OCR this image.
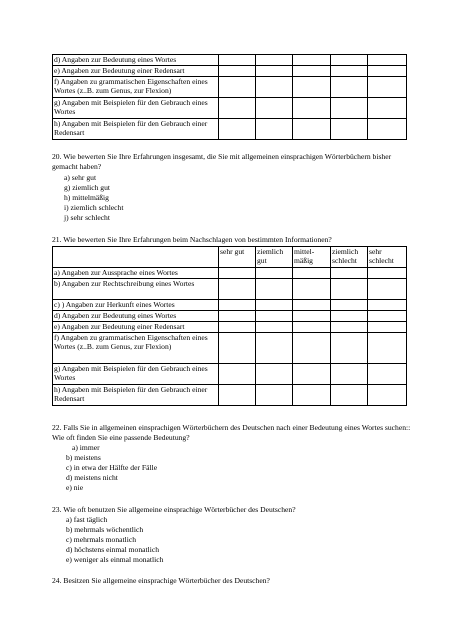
d) Angaben zur Bedeutung eines Wortes					
e) Angaben zur Bedeutung einer Redensart					
f) Angaben zu grammatischen Eigenschaften eines Wortes (z..B. zum Genus, zur Flexion)					
g) Angaben mit Beispielen für den Gebrauch eines Wortes					
h) Angaben mit Beispielen für den Gebrauch einer Redensart					
20. Wie bewerten Sie Ihre Erfahrungen insgesamt, die Sie mit allgemeinen einsprachigen Wörterbüchern bisher gemacht haben?
a) sehr gut
g) ziemlich gut
h) mittelmäßig
i) ziemlich schlecht
j) sehr schlecht
21. Wie bewerten Sie Ihre Erfahrungen beim Nachschlagen von bestimmten Informationen?
	sehr gut	ziemlich gut	mittel-mäßig	ziemlich schlecht	sehr schlecht
a) Angaben zur Aussprache eines Wortes					
b) Angaben zur Rechtschreibung eines Wortes					
c) ) Angaben zur Herkunft eines Wortes					
d) Angaben zur Bedeutung eines Wortes					
e) Angaben zur Bedeutung einer Redensart					
f) Angaben zu grammatischen Eigenschaften eines Wortes (z..B. zum Genus, zur Flexion)					
g) Angaben mit Beispielen für den Gebrauch eines Wortes					
h) Angaben mit Beispielen für den Gebrauch einer Redensart					
22. Falls Sie in allgemeinen einsprachigen Wörterbüchern des Deutschen nach einer Bedeutung eines Wortes suchen:: Wie oft finden Sie eine passende Bedeutung?
a) immer
b) meistens
c) in etwa der Hälfte der Fälle
d) meistens nicht
e) nie
23. Wie oft benutzen Sie allgemeine einsprachige Wörterbücher des Deutschen?
a) fast täglich
b) mehrmals wöchentlich
c) mehrmals monatlich
d) höchstens einmal monatlich
e) weniger als einmal monatlich
24. Besitzen Sie allgemeine einsprachige Wörterbücher des Deutschen?
